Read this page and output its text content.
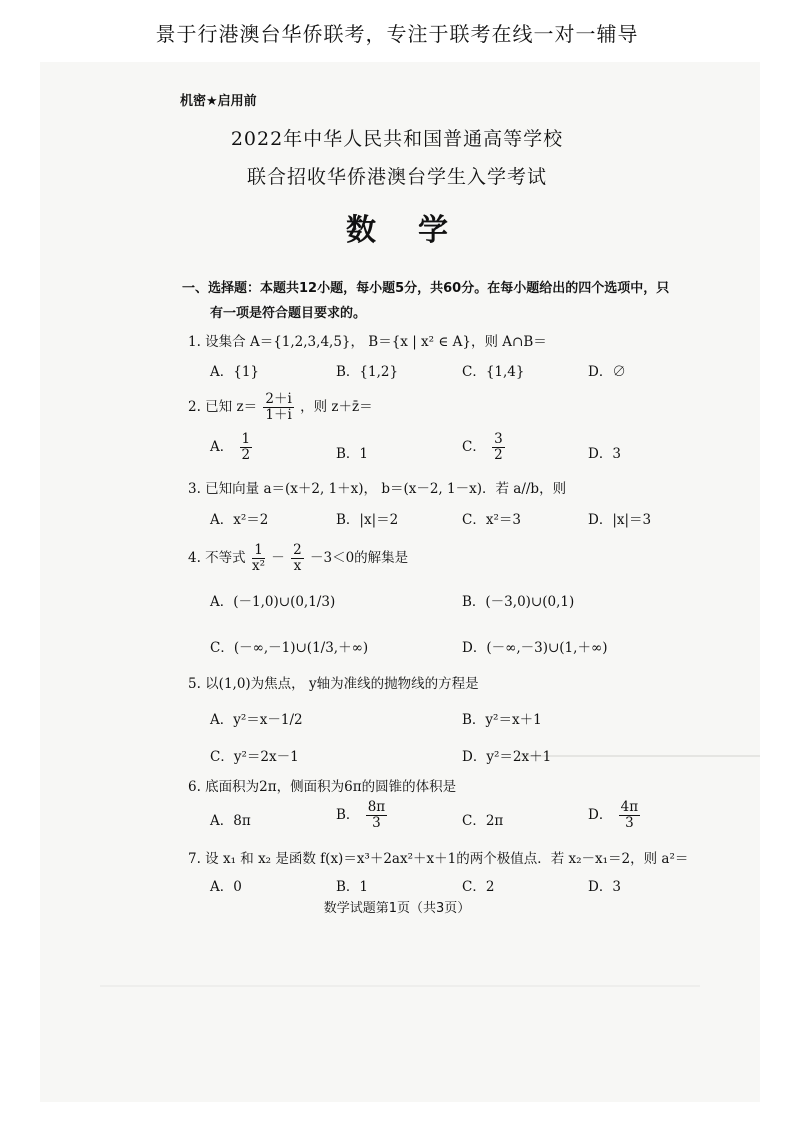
景于行港澳台华侨联考，专注于联考在线一对一辅导
机密★启用前
2022年中华人民共和国普通高等学校
联合招收华侨港澳台学生入学考试
数学
一、选择题：本题共12小题，每小题5分，共60分。在每小题给出的四个选项中，只
有一项是符合题目要求的。
1. 设集合 A＝{1,2,3,4,5}， B＝{x | x² ∈ A}，则 A∩B＝
A．{1}	B．{1,2}	C．{1,4}	D．∅
2. 已知 $z= \frac{2+i}{1+i}$ ，则 z＋z̄＝
A． $\frac{1}{2}$	B．1	C． $\frac{3}{2}$	D．3
3. 已知向量 a＝(x＋2, 1＋x)， b＝(x－2, 1－x)．若 a//b，则
A．x²＝2	B．|x|＝2	C．x²＝3	D．|x|＝3
4. 不等式 $\frac{1}{\text{x²}} - \frac{2}{x} -3<0$的解集是
A．(－1,0)∪(0,1/3)	B．(－3,0)∪(0,1)
C．(－∞,－1)∪(1/3,＋∞)	D．(－∞,－3)∪(1,＋∞)
5. 以(1,0)为焦点， y轴为准线的抛物线的方程是
A．y²＝x－1/2	B．y²＝x＋1
C．y²＝2x－1	D．y²＝2x＋1
6. 底面积为2π，侧面积为6π的圆锥的体积是
A．8π	B． $\frac{8\pi}{3}$	C．2π	D． $\frac{4\pi}{3}$
7. 设 x₁ 和 x₂ 是函数 f(x)＝x³＋2ax²＋x＋1的两个极值点．若 x₂－x₁＝2，则 a²＝
A．0	B．1	C．2	D．3
数学试题第1页（共3页）
